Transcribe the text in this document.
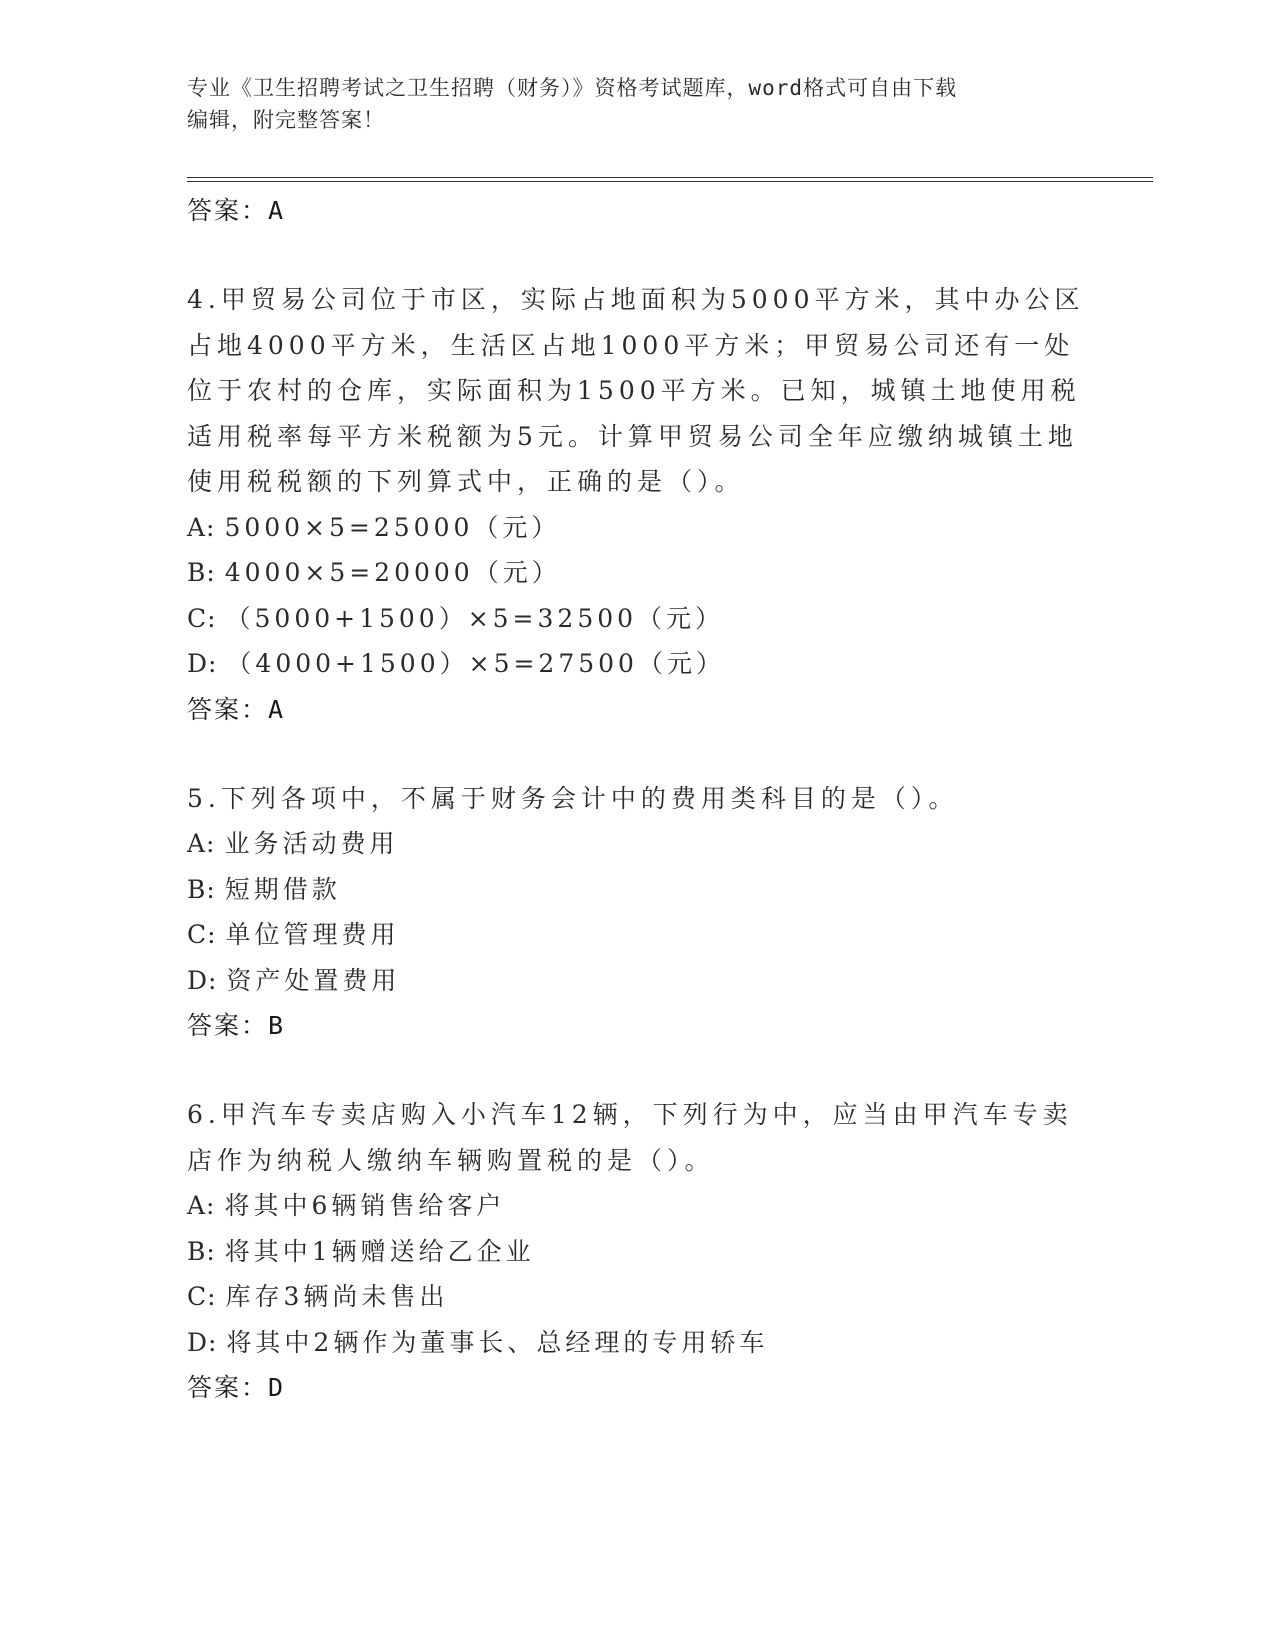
专业《卫生招聘考试之卫生招聘（财务）》资格考试题库，word格式可自由下载
编辑，附完整答案！
答案：A

4.甲贸易公司位于市区，实际占地面积为5000平方米，其中办公区占地4000平方米，生活区占地1000平方米；甲贸易公司还有一处位于农村的仓库，实际面积为1500平方米。已知，城镇土地使用税适用税率每平方米税额为5元。计算甲贸易公司全年应缴纳城镇土地使用税税额的下列算式中，正确的是（）。

A: 5000×5=25000（元）
B: 4000×5=20000（元）
C: （5000+1500）×5=32500（元）
D: （4000+1500）×5=27500（元）
答案：A

5.下列各项中，不属于财务会计中的费用类科目的是（）。

A: 业务活动费用
B: 短期借款
C: 单位管理费用
D: 资产处置费用
答案：B

6.甲汽车专卖店购入小汽车12辆，下列行为中，应当由甲汽车专卖店作为纳税人缴纳车辆购置税的是（）。

A: 将其中6辆销售给客户
B: 将其中1辆赠送给乙企业
C: 库存3辆尚未售出
D: 将其中2辆作为董事长、总经理的专用轿车
答案：D
